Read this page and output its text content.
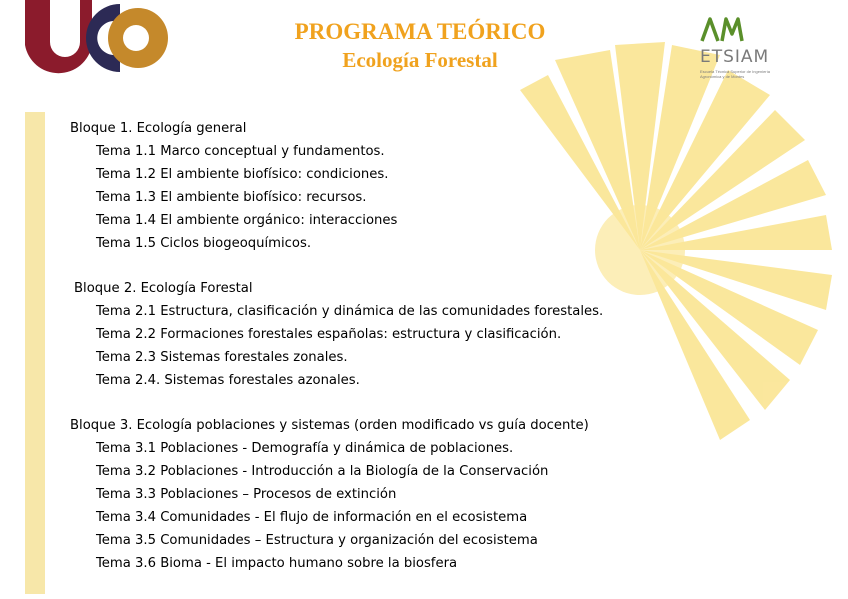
PROGRAMA TEÓRICO
Ecología Forestal	ETSIAM
Escuela Técnica Superior de Ingeniería Agronómica y de Montes
Bloque 1. Ecología general
Tema 1.1 Marco conceptual y fundamentos.
Tema 1.2 El ambiente biofísico: condiciones.
Tema 1.3 El ambiente biofísico: recursos.
Tema 1.4 El ambiente orgánico: interacciones
Tema 1.5 Ciclos biogeoquímicos.
Bloque 2. Ecología Forestal
Tema 2.1 Estructura, clasificación y dinámica de las comunidades forestales.
Tema 2.2 Formaciones forestales españolas: estructura y clasificación.
Tema 2.3 Sistemas forestales zonales.
Tema 2.4. Sistemas forestales azonales.
Bloque 3. Ecología poblaciones y sistemas (orden modificado vs guía docente)
Tema 3.1 Poblaciones - Demografía y dinámica de poblaciones.
Tema 3.2 Poblaciones - Introducción a la Biología de la Conservación
Tema 3.3 Poblaciones – Procesos de extinción
Tema 3.4 Comunidades - El flujo de información en el ecosistema
Tema 3.5 Comunidades – Estructura y organización del ecosistema
Tema 3.6 Bioma - El impacto humano sobre la biosfera
